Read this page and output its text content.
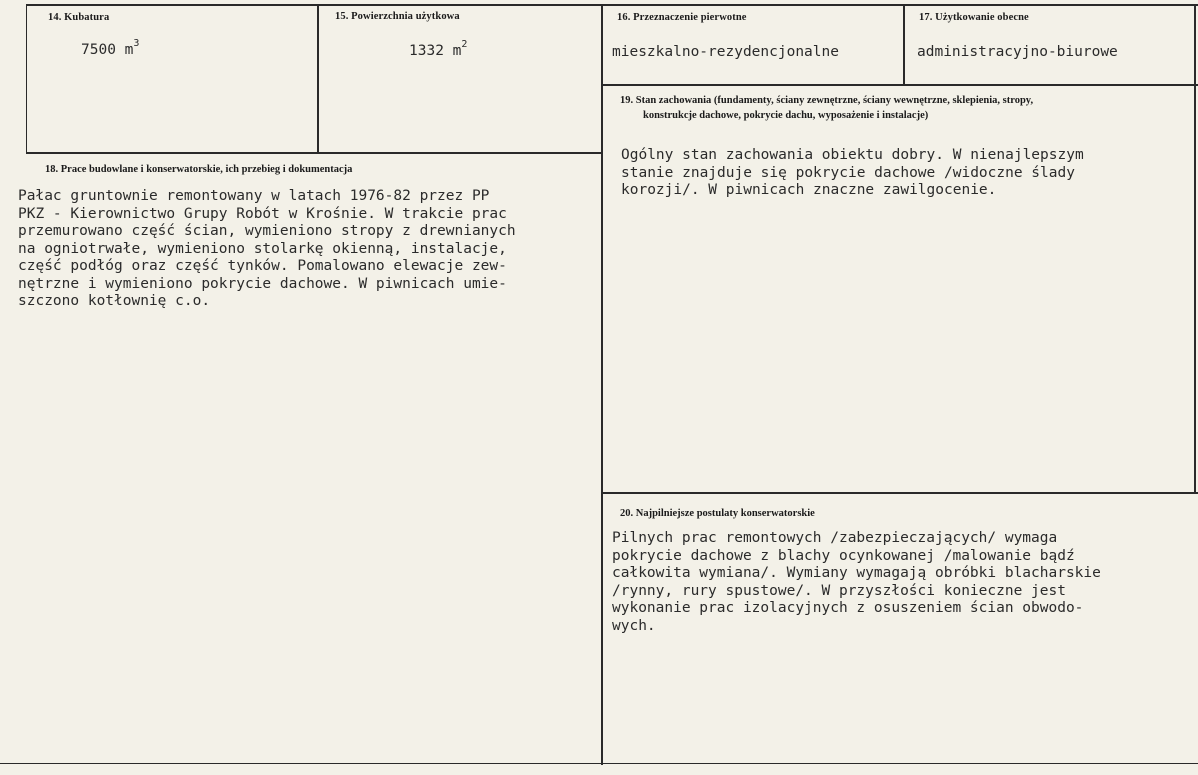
14. Kubatura
7500 $m^3$
15. Powierzchnia użytkowa
1332 $m^2$
16. Przeznaczenie pierwotne
mieszkalno-rezydencjonalne
17. Użytkowanie obecne
administracyjno-biurowe
19. Stan zachowania (fundamenty, ściany zewnętrzne, ściany wewnętrzne, sklepienia, stropy,
konstrukcje dachowe, pokrycie dachu, wyposażenie i instalacje)
Ogólny stan zachowania obiektu dobry. W nienajlepszym
stanie znajduje się pokrycie dachowe /widoczne ślady
korozji/. W piwnicach znaczne zawilgocenie.
18. Prace budowlane i konserwatorskie, ich przebieg i dokumentacja
Pałac gruntownie remontowany w latach 1976-82 przez PP
PKZ - Kierownictwo Grupy Robót w Krośnie. W trakcie prac
przemurowano część ścian, wymieniono stropy z drewnianych
na ogniotrwałe, wymieniono stolarkę okienną, instalacje,
część podłóg oraz część tynków. Pomalowano elewacje zew-
nętrzne i wymieniono pokrycie dachowe. W piwnicach umie-
szczono kotłownię c.o.
20. Najpilniejsze postulaty konserwatorskie
Pilnych prac remontowych /zabezpieczających/ wymaga
pokrycie dachowe z blachy ocynkowanej /malowanie bądź
całkowita wymiana/. Wymiany wymagają obróbki blacharskie
/rynny, rury spustowe/. W przyszłości konieczne jest
wykonanie prac izolacyjnych z osuszeniem ścian obwodo-
wych.
